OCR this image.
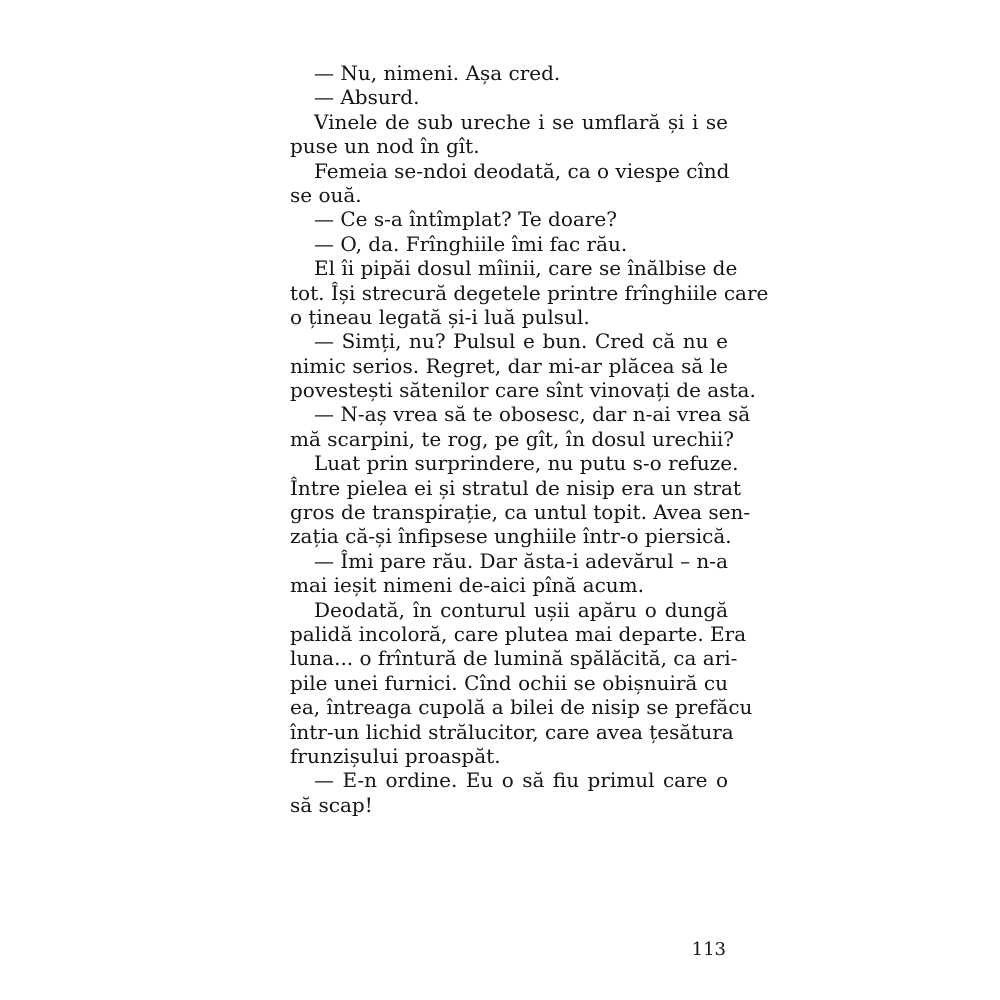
— Nu, nimeni. Așa cred.
— Absurd.
Vinele de sub ureche i se umflară și i se
puse un nod în gît.
Femeia se-ndoi deodată, ca o viespe cînd
se ouă.
— Ce s-a întîmplat? Te doare?
— O, da. Frînghiile îmi fac rău.
El îi pipăi dosul mîinii, care se înălbise de
tot. Își strecură degetele printre frînghiile care
o țineau legată și-i luă pulsul.
— Simți, nu? Pulsul e bun. Cred că nu e
nimic serios. Regret, dar mi-ar plăcea să le
povestești sătenilor care sînt vinovați de asta.
— N-aș vrea să te obosesc, dar n-ai vrea să
mă scarpini, te rog, pe gît, în dosul urechii?
Luat prin surprindere, nu putu s-o refuze.
Între pielea ei și stratul de nisip era un strat
gros de transpirație, ca untul topit. Avea sen-
zația că-și înfipsese unghiile într-o piersică.
— Îmi pare rău. Dar ăsta-i adevărul – n-a
mai ieșit nimeni de-aici pînă acum.
Deodată, în conturul ușii apăru o dungă
palidă incoloră, care plutea mai departe. Era
luna... o frîntură de lumină spălăcită, ca ari-
pile unei furnici. Cînd ochii se obișnuiră cu
ea, întreaga cupolă a bilei de nisip se prefăcu
într-un lichid strălucitor, care avea țesătura
frunzișului proaspăt.
— E-n ordine. Eu o să fiu primul care o
să scap!
113
